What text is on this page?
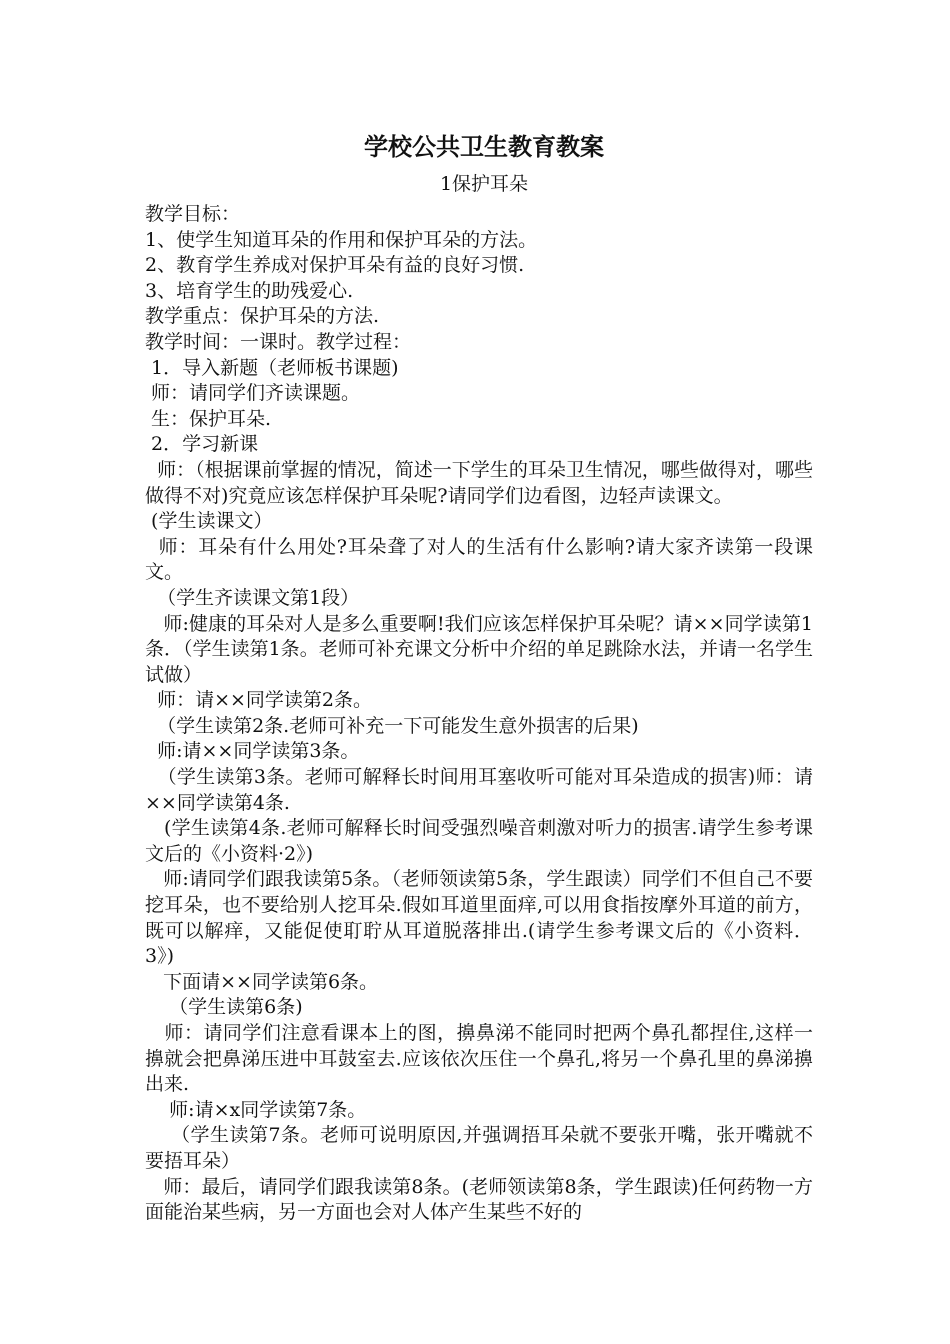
学校公共卫生教育教案
1保护耳朵

教学目标：

1、使学生知道耳朵的作用和保护耳朵的方法。

2、教育学生养成对保护耳朵有益的良好习惯.

3、培育学生的助残爱心.

教学重点：保护耳朵的方法.

教学时间：一课时。教学过程：

1．导入新题（老师板书课题)

师：请同学们齐读课题。

生：保护耳朵.

2．学习新课

师：（根据课前掌握的情况，简述一下学生的耳朵卫生情况，哪些做得对，哪些做得不对)究竟应该怎样保护耳朵呢?请同学们边看图，边轻声读课文。

(学生读课文）

师：耳朵有什么用处?耳朵聋了对人的生活有什么影响?请大家齐读第一段课文。

（学生齐读课文第1段）

师:健康的耳朵对人是多么重要啊!我们应该怎样保护耳朵呢？请××同学读第1条．（学生读第1条。老师可补充课文分析中介绍的单足跳除水法，并请一名学生试做）

师：请××同学读第2条。

（学生读第2条.老师可补充一下可能发生意外损害的后果)

师:请××同学读第3条。

（学生读第3条。老师可解释长时间用耳塞收听可能对耳朵造成的损害)师：请××同学读第4条.

(学生读第4条.老师可解释长时间受强烈噪音刺激对听力的损害.请学生参考课文后的《小资料·2》)

师:请同学们跟我读第5条。（老师领读第5条，学生跟读）同学们不但自己不要挖耳朵，也不要给别人挖耳朵.假如耳道里面痒,可以用食指按摩外耳道的前方，既可以解痒，又能促使耵聍从耳道脱落排出.(请学生参考课文后的《小资料．3》)

下面请××同学读第6条。

（学生读第6条)

师：请同学们注意看课本上的图，擤鼻涕不能同时把两个鼻孔都捏住,这样一擤就会把鼻涕压进中耳鼓室去.应该依次压住一个鼻孔,将另一个鼻孔里的鼻涕擤出来.

师:请×x同学读第7条。

（学生读第7条。老师可说明原因,并强调捂耳朵就不要张开嘴，张开嘴就不要捂耳朵）

师：最后，请同学们跟我读第8条。(老师领读第8条，学生跟读)任何药物一方面能治某些病，另一方面也会对人体产生某些不好的
